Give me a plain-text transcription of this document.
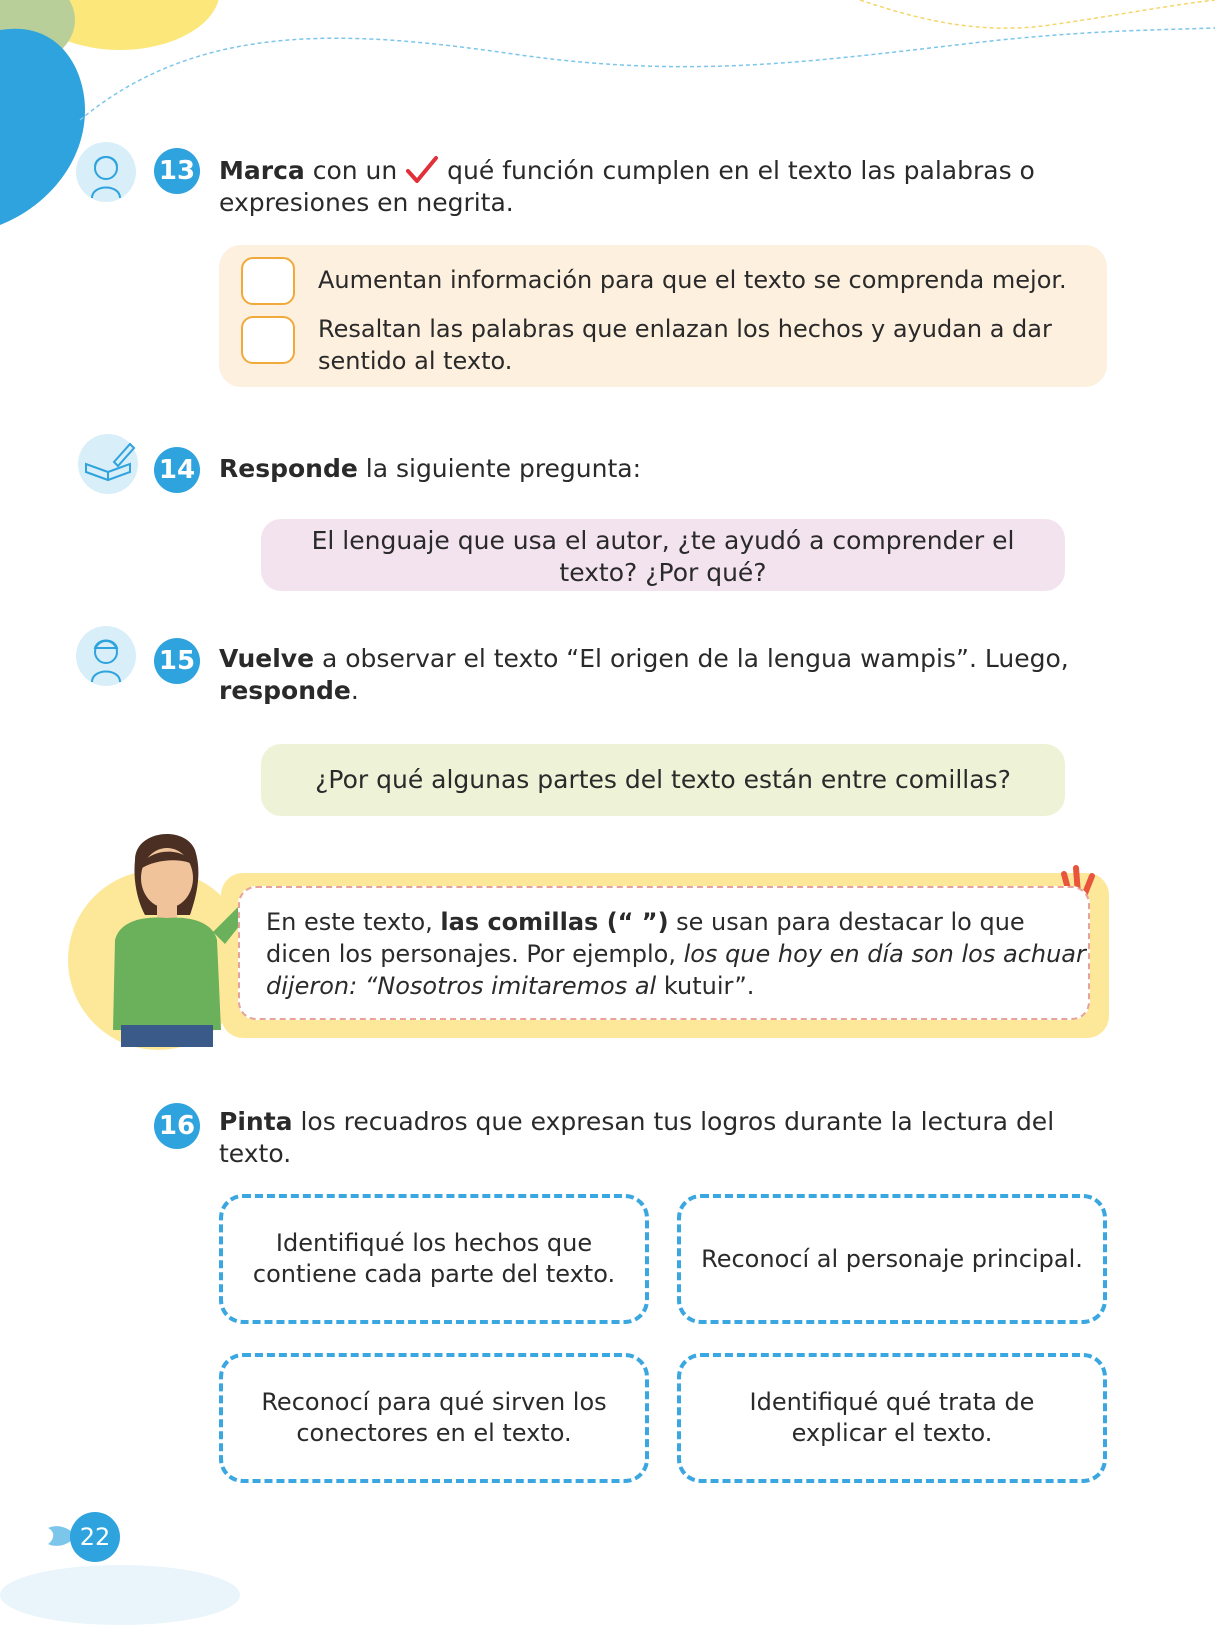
13 Marca con un  qué función cumplen en el texto las palabras o expresiones en negrita.
Aumentan información para que el texto se comprenda mejor.
Resaltan las palabras que enlazan los hechos y ayudan a dar sentido al texto.
14 Responde la siguiente pregunta:
El lenguaje que usa el autor, ¿te ayudó a comprender el texto? ¿Por qué?
15 Vuelve a observar el texto “El origen de la lengua wampis”. Luego, responde.
¿Por qué algunas partes del texto están entre comillas?
En este texto, las comillas (“ ”) se usan para destacar lo que dicen los personajes. Por ejemplo, los que hoy en día son los achuar dijeron: “Nosotros imitaremos al kutuir”.
16 Pinta los recuadros que expresan tus logros durante la lectura del texto.
Identifiqué los hechos que contiene cada parte del texto.
Reconocí al personaje principal.
Reconocí para qué sirven los conectores en el texto.
Identifiqué qué trata de explicar el texto.
22
